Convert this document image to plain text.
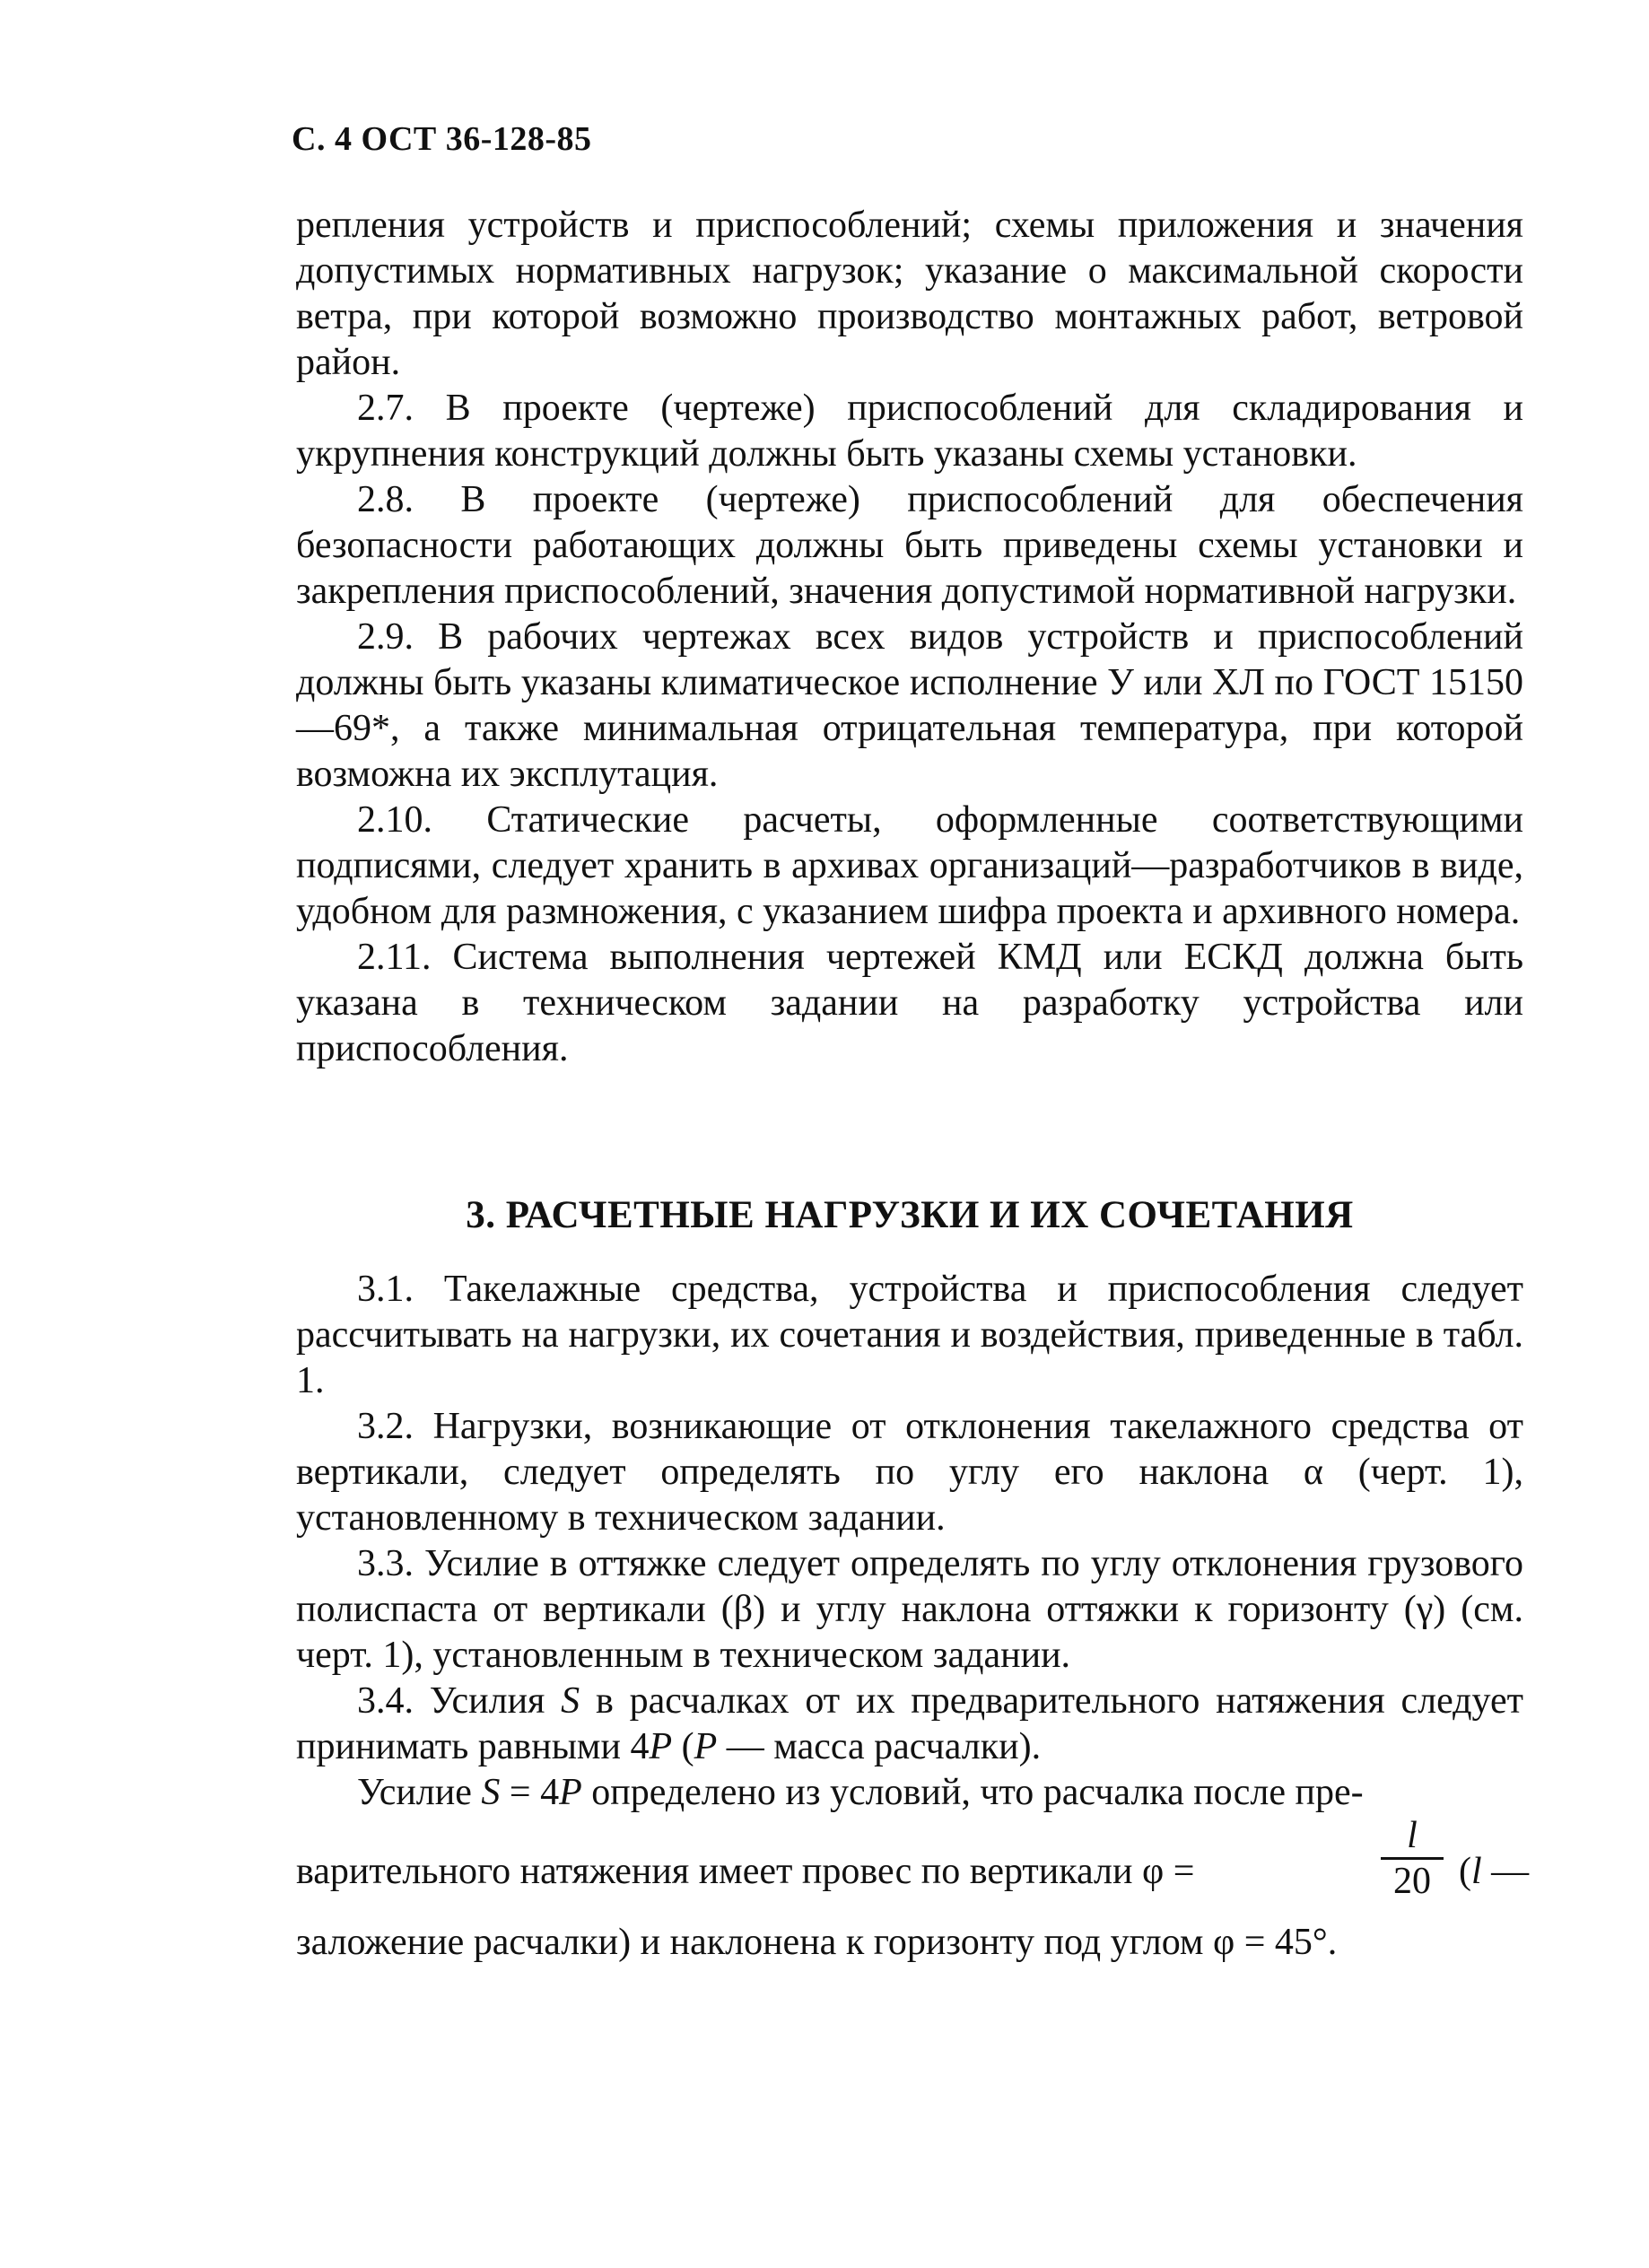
С. 4 ОСТ 36-128-85

репления устройств и приспособлений; схемы приложения и значения допустимых нормативных нагрузок; указание о максимальной скорости ветра, при которой возможно производство монтажных работ, ветровой район.

2.7. В проекте (чертеже) приспособлений для складирования и укрупнения конструкций должны быть указаны схемы установки.

2.8. В проекте (чертеже) приспособлений для обеспечения безопасности работающих должны быть приведены схемы установки и закрепления приспособлений, значения допустимой нормативной нагрузки.

2.9. В рабочих чертежах всех видов устройств и приспособлений должны быть указаны климатическое исполнение У или ХЛ по ГОСТ 15150—69*, а также минимальная отрицательная температура, при которой возможна их эксплутация.

2.10. Статические расчеты, оформленные соответствующими подписями, следует хранить в архивах организаций—разработчиков в виде, удобном для размножения, с указанием шифра проекта и архивного номера.

2.11. Система выполнения чертежей КМД или ЕСКД должна быть указана в техническом задании на разработку устройства или приспособления.

3. РАСЧЕТНЫЕ НАГРУЗКИ И ИХ СОЧЕТАНИЯ

3.1. Такелажные средства, устройства и приспособления следует рассчитывать на нагрузки, их сочетания и воздействия, приведенные в табл. 1.

3.2. Нагрузки, возникающие от отклонения такелажного средства от вертикали, следует определять по углу его наклона α (черт. 1), установленному в техническом задании.

3.3. Усилие в оттяжке следует определять по углу отклонения грузового полиспаста от вертикали (β) и углу наклона оттяжки к горизонту (γ) (см. черт. 1), установленным в техническом задании.

3.4. Усилия S в расчалках от их предварительного натяжения следует принимать равными 4P (P — масса расчалки).

Усилие S = 4P определено из условий, что расчалка после пре-

варительного натяжения имеет провес по вертикали φ =
l
20 (l —

заложение расчалки) и наклонена к горизонту под углом φ = 45°.
